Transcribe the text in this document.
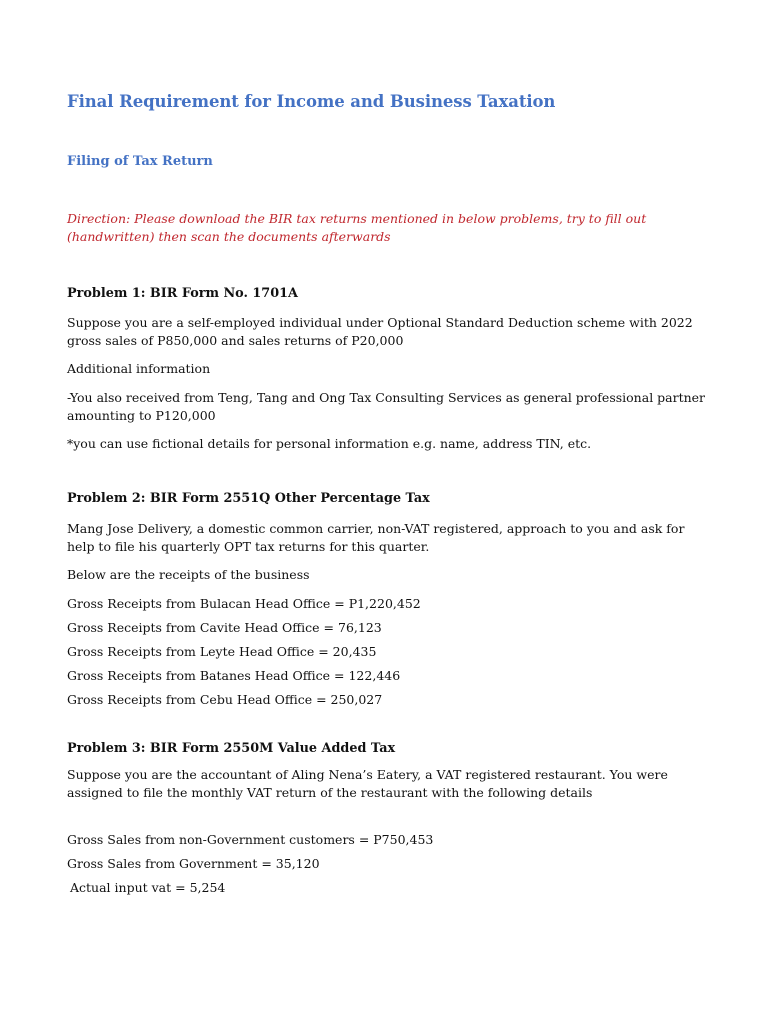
Final Requirement for Income and Business Taxation
Filing of Tax Return
Direction: Please download the BIR tax returns mentioned in below problems, try to fill out (handwritten) then scan the documents afterwards
Problem 1: BIR Form No. 1701A
Suppose you are a self-employed individual under Optional Standard Deduction scheme with 2022 gross sales of P850,000 and sales returns of P20,000
Additional information
-You also received from Teng, Tang and Ong Tax Consulting Services as general professional partner amounting to P120,000
*you can use fictional details for personal information e.g. name, address TIN, etc.
Problem 2: BIR Form 2551Q Other Percentage Tax
Mang Jose Delivery, a domestic common carrier, non-VAT registered, approach to you and ask for help to file his quarterly OPT tax returns for this quarter.
Below are the receipts of the business
Gross Receipts from Bulacan Head Office = P1,220,452
Gross Receipts from Cavite Head Office = 76,123
Gross Receipts from Leyte Head Office = 20,435
Gross Receipts from Batanes Head Office = 122,446
Gross Receipts from Cebu Head Office = 250,027
Problem 3: BIR Form 2550M Value Added Tax
Suppose you are the accountant of Aling Nena’s Eatery, a VAT registered restaurant. You were assigned to file the monthly VAT return of the restaurant with the following details
Gross Sales from non-Government customers = P750,453
Gross Sales from Government = 35,120
Actual input vat = 5,254
